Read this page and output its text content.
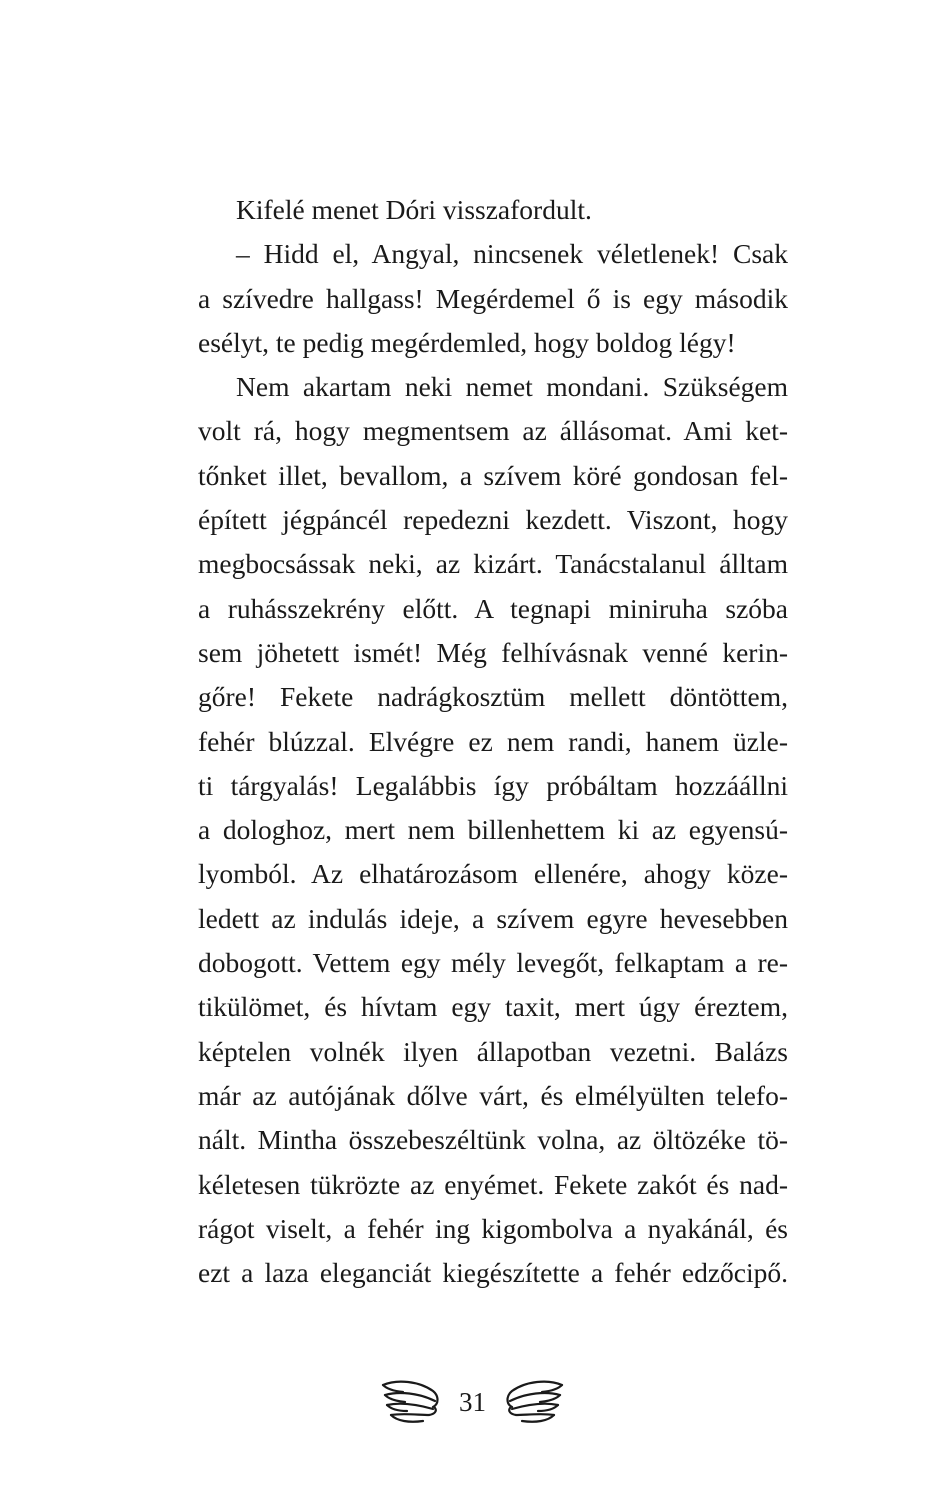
Kifelé menet Dóri visszafordult.
– Hidd el, Angyal, nincsenek véletlenek! Csak
a szívedre hallgass! Megérdemel ő is egy második
esélyt, te pedig megérdemled, hogy boldog légy!
Nem akartam neki nemet mondani. Szükségem
volt rá, hogy megmentsem az állásomat. Ami ket-
tőnket illet, bevallom, a szívem köré gondosan fel-
épített jégpáncél repedezni kezdett. Viszont, hogy
megbocsássak neki, az kizárt. Tanácstalanul álltam
a ruhásszekrény előtt. A tegnapi miniruha szóba
sem jöhetett ismét! Még felhívásnak venné kerin-
gőre! Fekete nadrágkosztüm mellett döntöttem,
fehér blúzzal. Elvégre ez nem randi, hanem üzle-
ti tárgyalás! Legalábbis így próbáltam hozzáállni
a dologhoz, mert nem billenhettem ki az egyensú-
lyomból. Az elhatározásom ellenére, ahogy köze-
ledett az indulás ideje, a szívem egyre hevesebben
dobogott. Vettem egy mély levegőt, felkaptam a re-
tikülömet, és hívtam egy taxit, mert úgy éreztem,
képtelen volnék ilyen állapotban vezetni. Balázs
már az autójának dőlve várt, és elmélyülten telefo-
nált. Mintha összebeszéltünk volna, az öltözéke tö-
kéletesen tükrözte az enyémet. Fekete zakót és nad-
rágot viselt, a fehér ing kigombolva a nyakánál, és
ezt a laza eleganciát kiegészítette a fehér edzőcipő.
31
